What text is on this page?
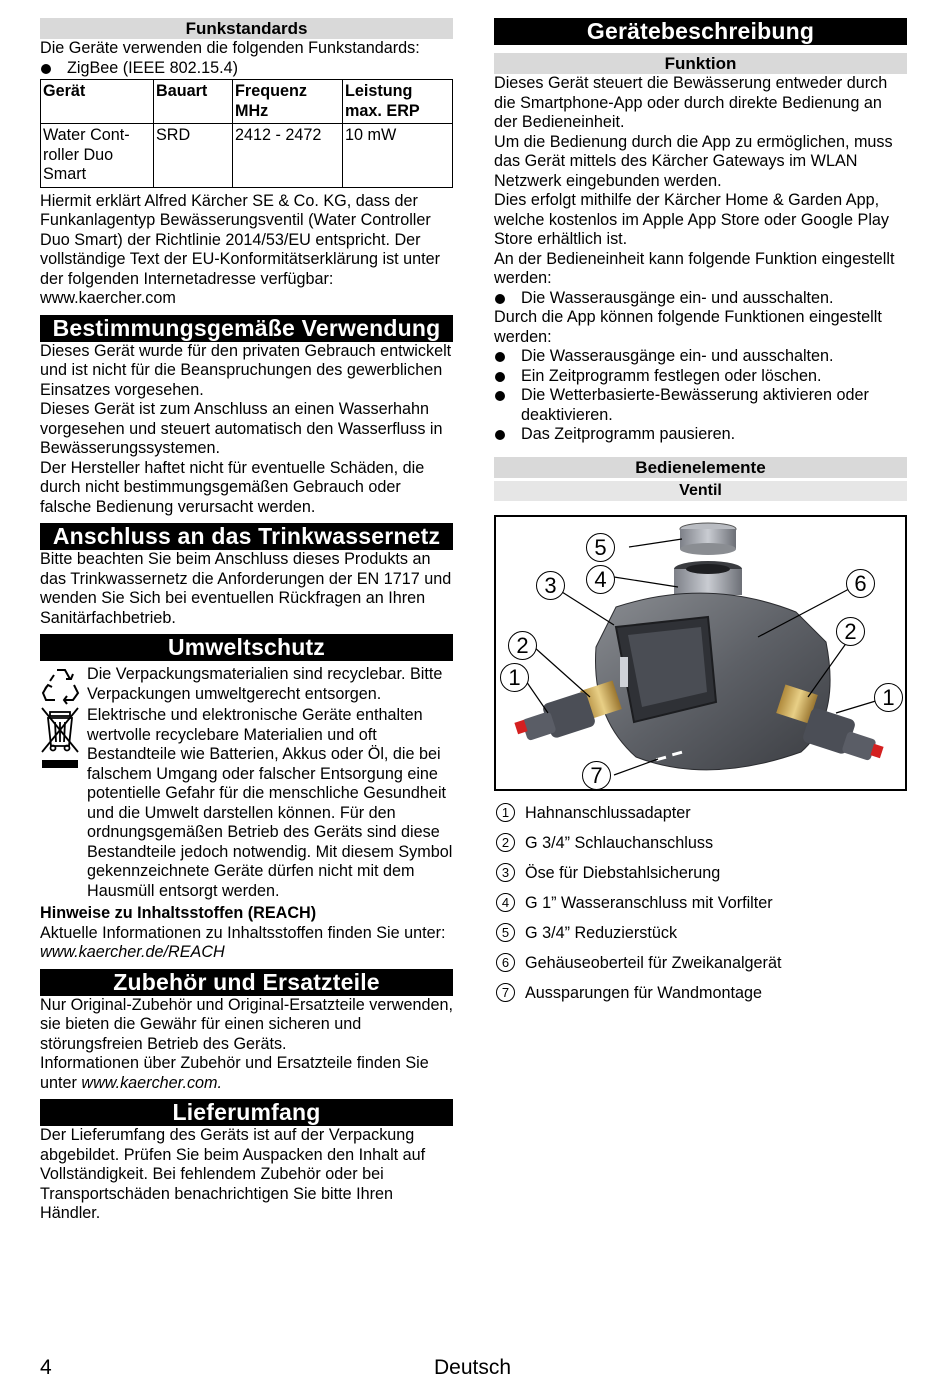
Funkstandards

Die Geräte verwenden die folgenden Funkstandards:

ZigBee (IEEE 802.15.4)
Gerät	Bauart	Frequenz MHz	Leistung max. ERP
Water Cont-roller Duo Smart	SRD	2412 - 2472	10 mW

Hiermit erklärt Alfred Kärcher SE & Co. KG, dass der Funkanlagentyp Bewässerungsventil (Water Controller Duo Smart) der Richtlinie 2014/53/EU entspricht. Der vollständige Text der EU-Konformitätserklärung ist unter der folgenden Internetadresse verfügbar: www.kaercher.com

Bestimmungsgemäße Verwendung

Dieses Gerät wurde für den privaten Gebrauch entwickelt und ist nicht für die Beanspruchungen des gewerblichen Einsatzes vorgesehen.

Dieses Gerät ist zum Anschluss an einen Wasserhahn vorgesehen und steuert automatisch den Wasserfluss in Bewässerungssystemen.

Der Hersteller haftet nicht für eventuelle Schäden, die durch nicht bestimmungsgemäßen Gebrauch oder falsche Bedienung verursacht werden.

Anschluss an das Trinkwassernetz

Bitte beachten Sie beim Anschluss dieses Produkts an das Trinkwassernetz die Anforderungen der EN 1717 und wenden Sie Sich bei eventuellen Rückfragen an Ihren Sanitärfachbetrieb.

Umweltschutz

Die Verpackungsmaterialien sind recyclebar. Bitte Verpackungen umweltgerecht entsorgen.

Elektrische und elektronische Geräte enthalten wertvolle recyclebare Materialien und oft Bestandteile wie Batterien, Akkus oder Öl, die bei falschem Umgang oder falscher Entsorgung eine potentielle Gefahr für die menschliche Gesundheit und die Umwelt darstellen können. Für den ordnungsgemäßen Betrieb des Geräts sind diese Bestandteile jedoch notwendig. Mit diesem Symbol gekennzeichnete Geräte dürfen nicht mit dem Hausmüll entsorgt werden.

Hinweise zu Inhaltsstoffen (REACH)

Aktuelle Informationen zu Inhaltsstoffen finden Sie unter: www.kaercher.de/REACH

Zubehör und Ersatzteile

Nur Original-Zubehör und Original-Ersatzteile verwenden, sie bieten die Gewähr für einen sicheren und störungsfreien Betrieb des Geräts.

Informationen über Zubehör und Ersatzteile finden Sie unter www.kaercher.com.

Lieferumfang

Der Lieferumfang des Geräts ist auf der Verpackung abgebildet. Prüfen Sie beim Auspacken den Inhalt auf Vollständigkeit. Bei fehlendem Zubehör oder bei Transportschäden benachrichtigen Sie bitte Ihren Händler.

Gerätebeschreibung
Funktion

Dieses Gerät steuert die Bewässerung entweder durch die Smartphone-App oder durch direkte Bedienung an der Bedieneinheit.

Um die Bedienung durch die App zu ermöglichen, muss das Gerät mittels des Kärcher Gateways im WLAN Netzwerk eingebunden werden.

Dies erfolgt mithilfe der Kärcher Home & Garden App, welche kostenlos im Apple App Store oder Google Play Store erhältlich ist.

An der Bedieneinheit kann folgende Funktion eingestellt werden:

Die Wasserausgänge ein- und ausschalten.

Durch die App können folgende Funktionen eingestellt werden:

Die Wasserausgänge ein- und ausschalten.
Ein Zeitprogramm festlegen oder löschen.
Die Wetterbasierte-Bewässerung aktivieren oder deaktivieren.
Das Zeitprogramm pausieren.
Bedienelemente
Ventil
5
4
3	6
2
2
1
1
7
1 Hahnanschlussadapter
2 G 3/4” Schlauchanschluss
3 Öse für Diebstahlsicherung
4 G 1” Wasseranschluss mit Vorfilter
5 G 3/4” Reduzierstück
6 Gehäuseoberteil für Zweikanalgerät
7 Aussparungen für Wandmontage
4	Deutsch
